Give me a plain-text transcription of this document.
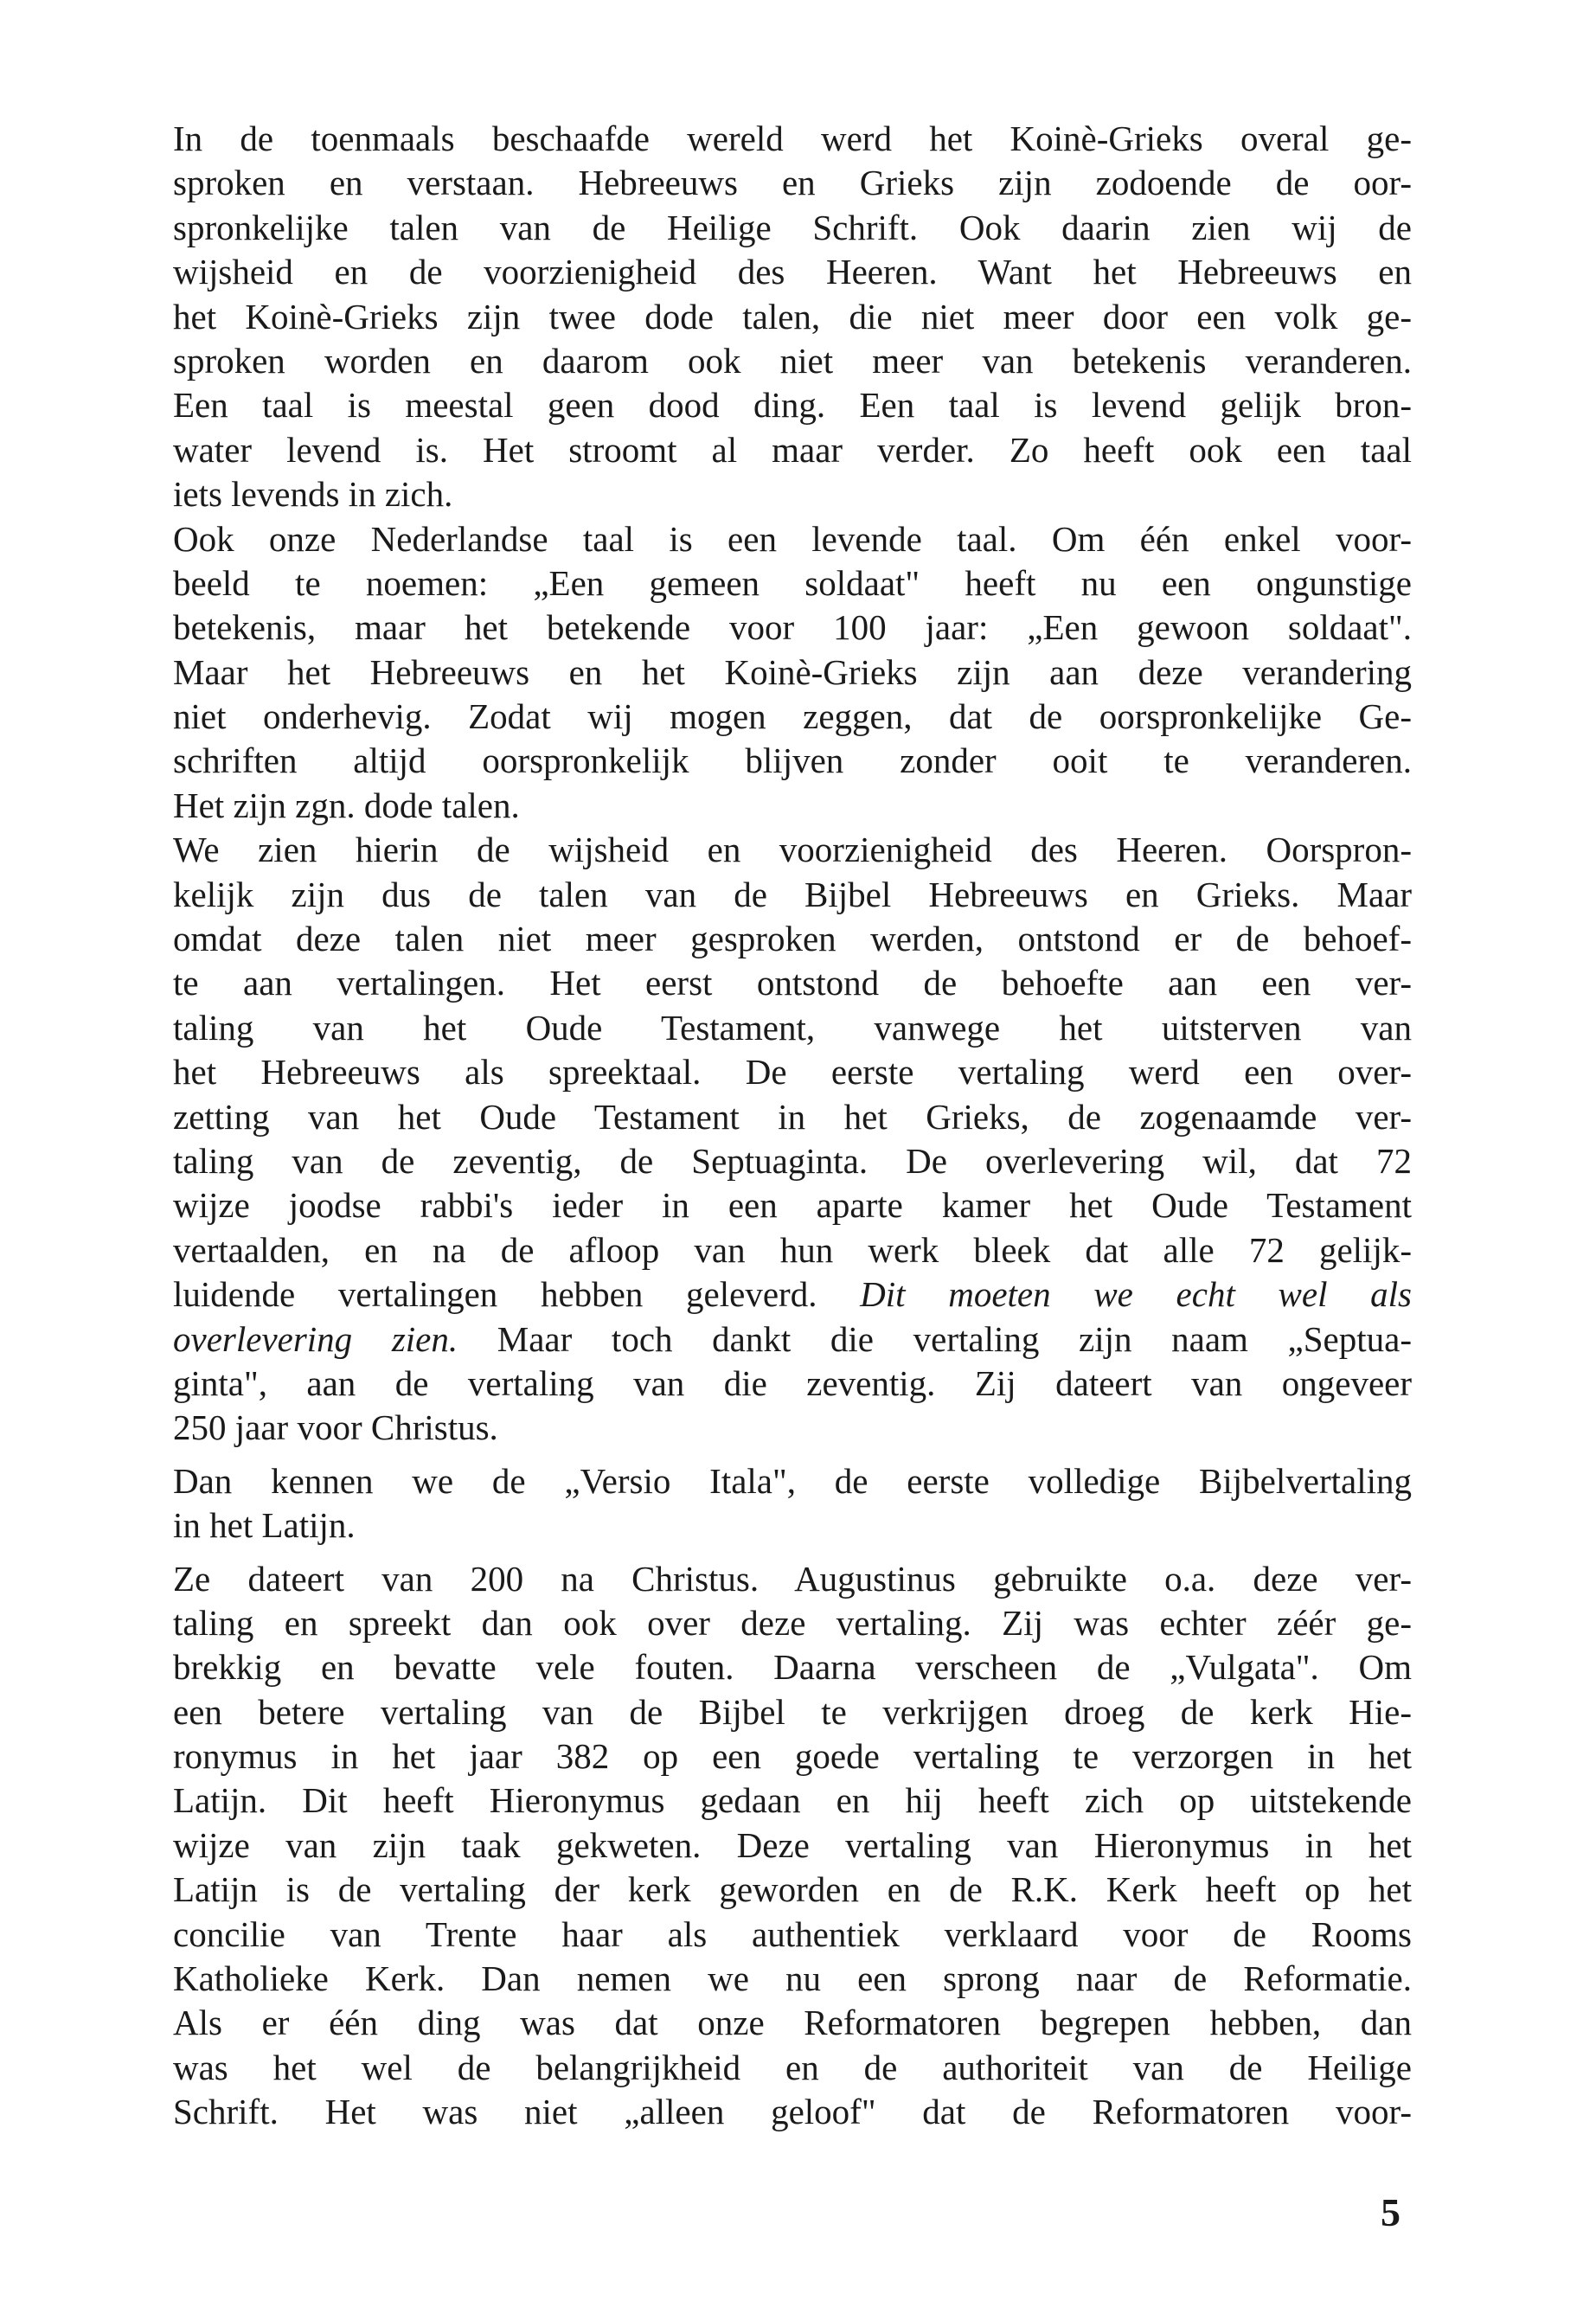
In de toenmaals beschaafde wereld werd het Koinè-Grieks overal ge-
sproken en verstaan. Hebreeuws en Grieks zijn zodoende de oor-
spronkelijke talen van de Heilige Schrift. Ook daarin zien wij de
wijsheid en de voorzienigheid des Heeren. Want het Hebreeuws en
het Koinè-Grieks zijn twee dode talen, die niet meer door een volk ge-
sproken worden en daarom ook niet meer van betekenis veranderen.
Een taal is meestal geen dood ding. Een taal is levend gelijk bron-
water levend is. Het stroomt al maar verder. Zo heeft ook een taal
iets levends in zich.
Ook onze Nederlandse taal is een levende taal. Om één enkel voor-
beeld te noemen: „Een gemeen soldaat" heeft nu een ongunstige
betekenis, maar het betekende voor 100 jaar: „Een gewoon soldaat".
Maar het Hebreeuws en het Koinè-Grieks zijn aan deze verandering
niet onderhevig. Zodat wij mogen zeggen, dat de oorspronkelijke Ge-
schriften altijd oorspronkelijk blijven zonder ooit te veranderen.
Het zijn zgn. dode talen.
We zien hierin de wijsheid en voorzienigheid des Heeren. Oorspron-
kelijk zijn dus de talen van de Bijbel Hebreeuws en Grieks. Maar
omdat deze talen niet meer gesproken werden, ontstond er de behoef-
te aan vertalingen. Het eerst ontstond de behoefte aan een ver-
taling van het Oude Testament, vanwege het uitsterven van
het Hebreeuws als spreektaal. De eerste vertaling werd een over-
zetting van het Oude Testament in het Grieks, de zogenaamde ver-
taling van de zeventig, de Septuaginta. De overlevering wil, dat 72
wijze joodse rabbi's ieder in een aparte kamer het Oude Testament
vertaalden, en na de afloop van hun werk bleek dat alle 72 gelijk-
luidende vertalingen hebben geleverd. Dit moeten we echt wel als
overlevering zien. Maar toch dankt die vertaling zijn naam „Septua-
ginta", aan de vertaling van die zeventig. Zij dateert van ongeveer
250 jaar voor Christus.
Dan kennen we de „Versio Itala", de eerste volledige Bijbelvertaling
in het Latijn.
Ze dateert van 200 na Christus. Augustinus gebruikte o.a. deze ver-
taling en spreekt dan ook over deze vertaling. Zij was echter zéér ge-
brekkig en bevatte vele fouten. Daarna verscheen de „Vulgata". Om
een betere vertaling van de Bijbel te verkrijgen droeg de kerk Hie-
ronymus in het jaar 382 op een goede vertaling te verzorgen in het
Latijn. Dit heeft Hieronymus gedaan en hij heeft zich op uitstekende
wijze van zijn taak gekweten. Deze vertaling van Hieronymus in het
Latijn is de vertaling der kerk geworden en de R.K. Kerk heeft op het
concilie van Trente haar als authentiek verklaard voor de Rooms
Katholieke Kerk. Dan nemen we nu een sprong naar de Reformatie.
Als er één ding was dat onze Reformatoren begrepen hebben, dan
was het wel de belangrijkheid en de authoriteit van de Heilige
Schrift. Het was niet „alleen geloof" dat de Reformatoren voor-
5
